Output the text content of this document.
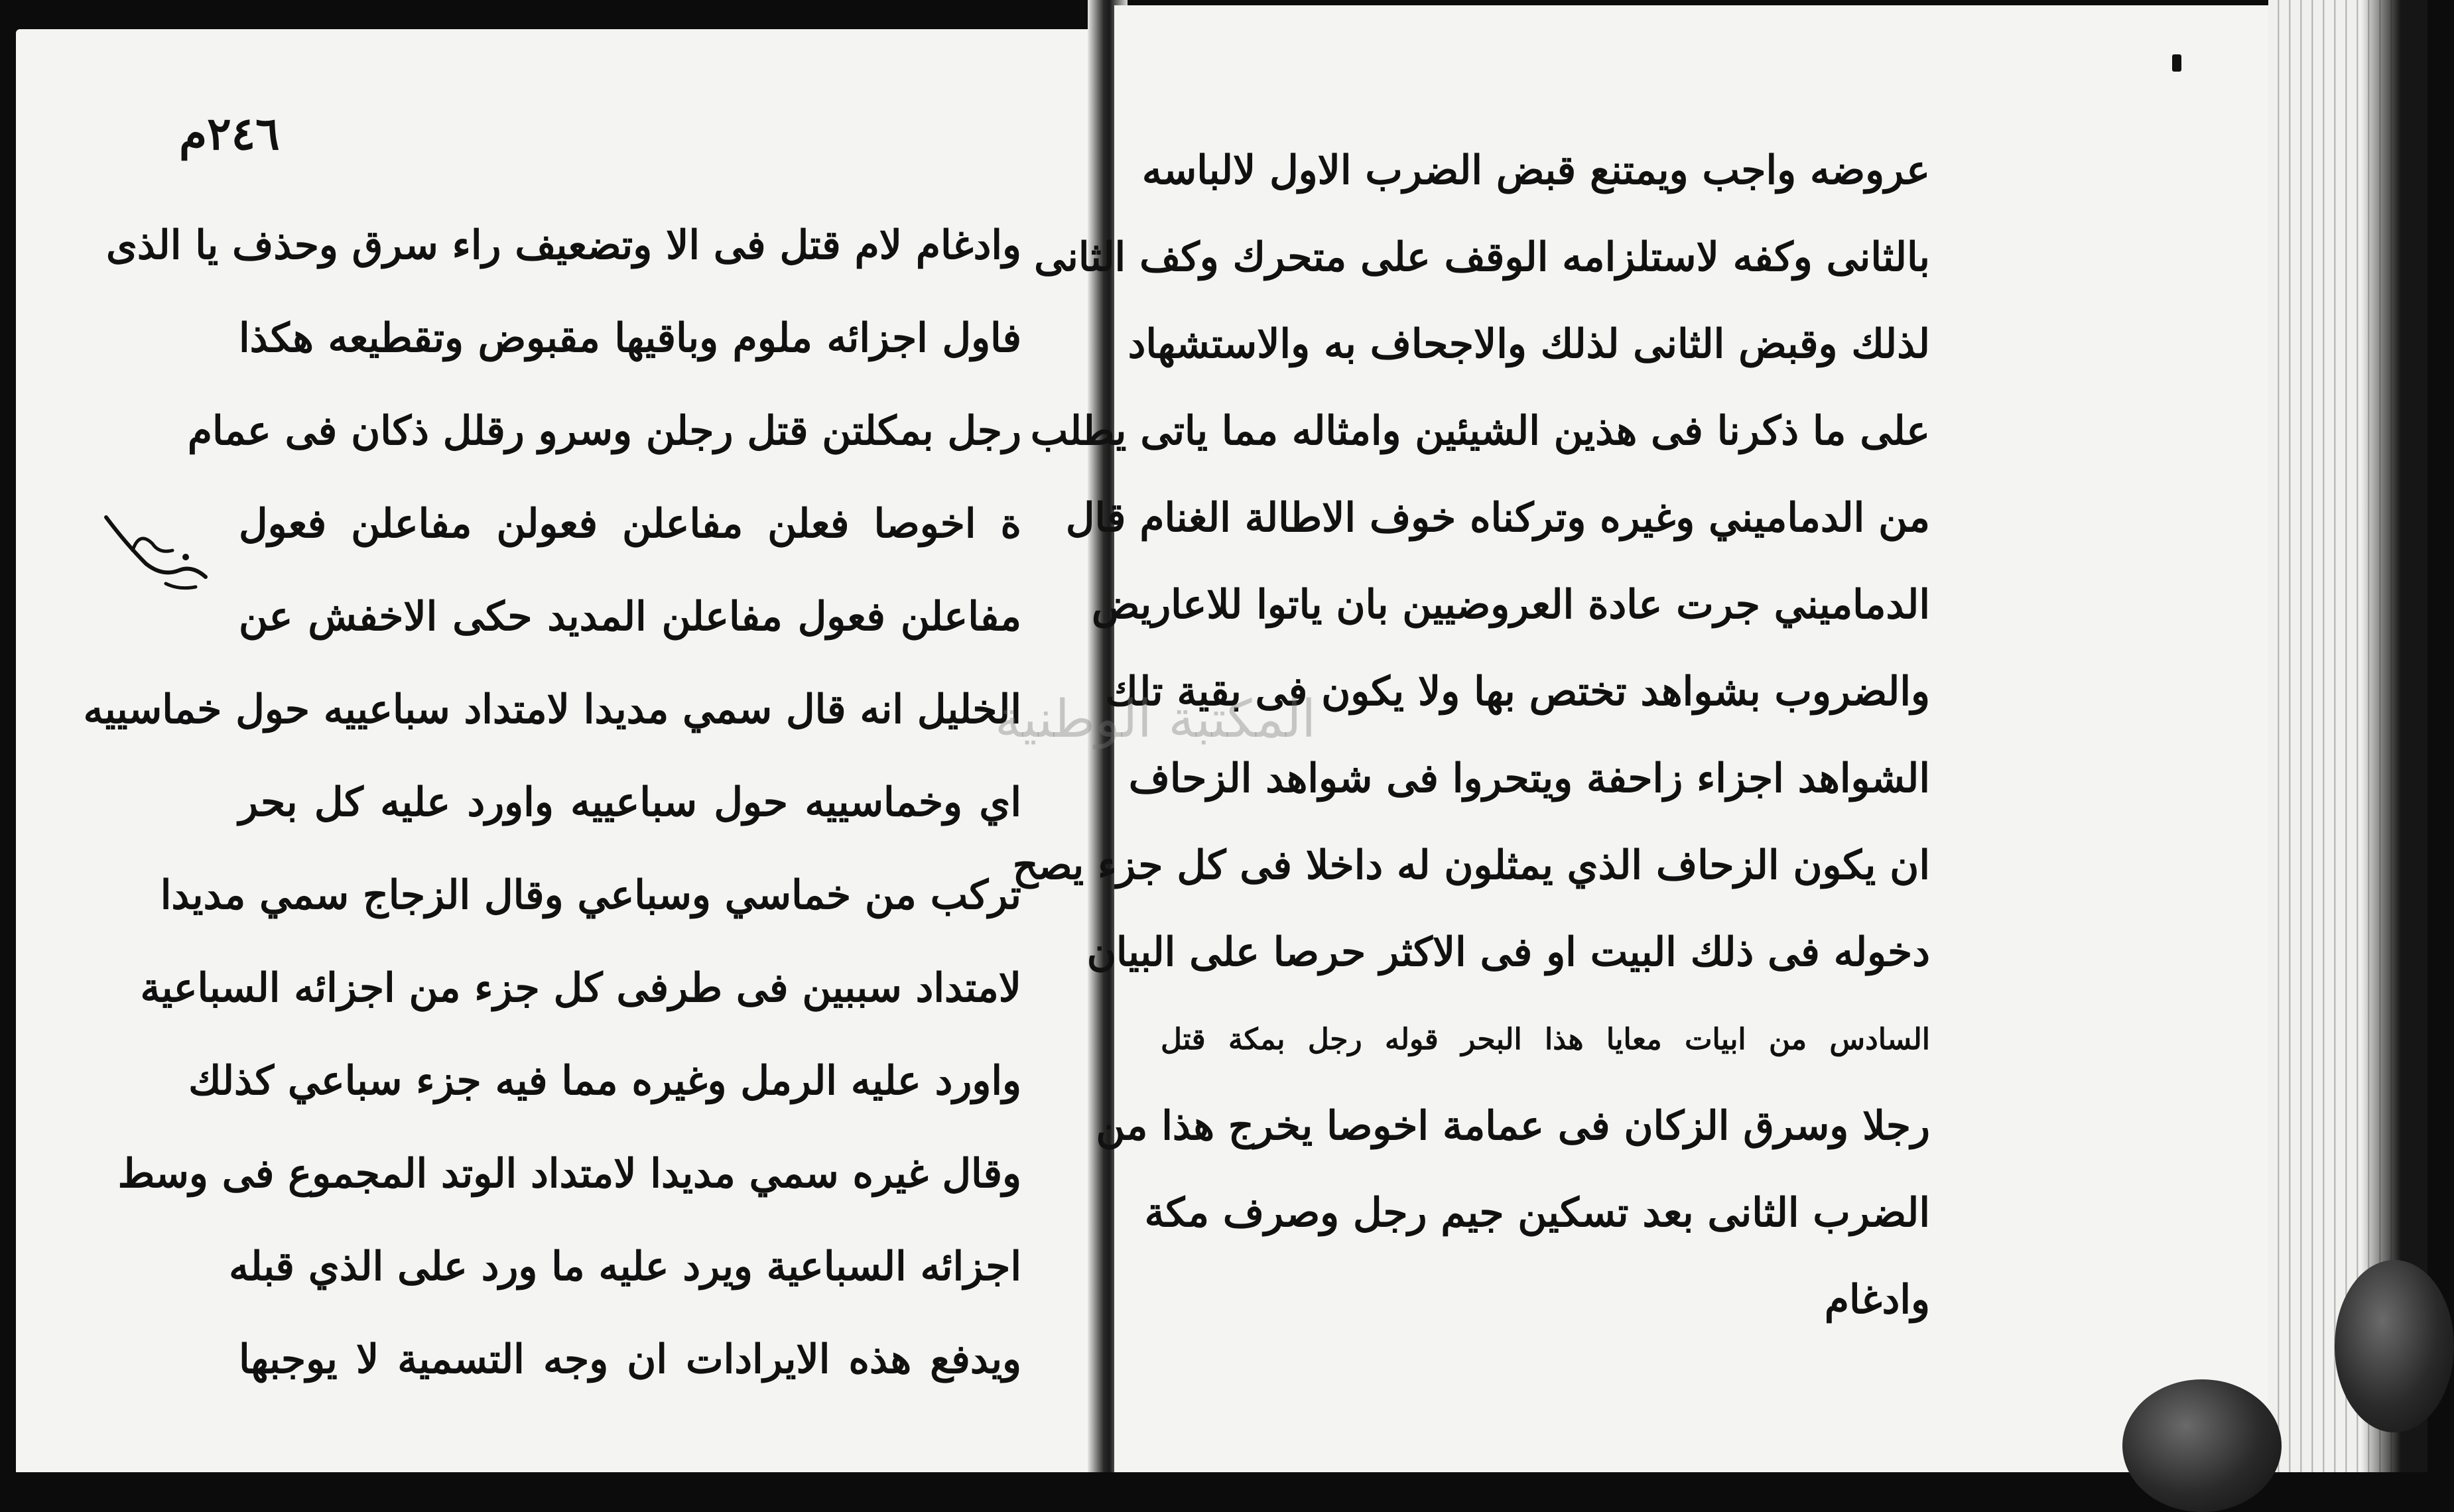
٢٤٦م
وادغام لام قتل فى الا وتضعيف راء سرق وحذف يا الذى
فاول اجزائه ملوم وباقيها مقبوض وتقطيعه هكذا
رجل بمكلتن قتل رجلن وسرو رقلل ذكان فى عمام
ة اخوصا فعلن مفاعلن فعولن مفاعلن فعول
مفاعلن فعول مفاعلن المديد حكى الاخفش عن
الخليل انه قال سمي مديدا لامتداد سباعييه حول خماسييه
اي وخماسييه حول سباعييه واورد عليه كل بحر
تركب من خماسي وسباعي وقال الزجاج سمي مديدا
لامتداد سببين فى طرفى كل جزء من اجزائه السباعية
واورد عليه الرمل وغيره مما فيه جزء سباعي كذلك
وقال غيره سمي مديدا لامتداد الوتد المجموع فى وسط
اجزائه السباعية ويرد عليه ما ورد على الذي قبله
ويدفع هذه الايرادات ان وجه التسمية لا يوجبها
عروضه واجب ويمتنع قبض الضرب الاول لالباسه
بالثانى وكفه لاستلزامه الوقف على متحرك وكف الثانى
لذلك وقبض الثانى لذلك والاجحاف به والاستشهاد
على ما ذكرنا فى هذين الشيئين وامثاله مما ياتى يطلب
من الدماميني وغيره وتركناه خوف الاطالة الغنام قال
الدماميني جرت عادة العروضيين بان ياتوا للاعاريض
والضروب بشواهد تختص بها ولا يكون فى بقية تلك
الشواهد اجزاء زاحفة ويتحروا فى شواهد الزحاف
ان يكون الزحاف الذي يمثلون له داخلا فى كل جزء يصح
دخوله فى ذلك البيت او فى الاكثر حرصا على البيان
السادس من ابيات معايا هذا البحر قوله رجل بمكة قتل
رجلا وسرق الزكان فى عمامة اخوصا يخرج هذا من
الضرب الثانى بعد تسكين جيم رجل وصرف مكة
وادغام
المكتبة الوطنية
